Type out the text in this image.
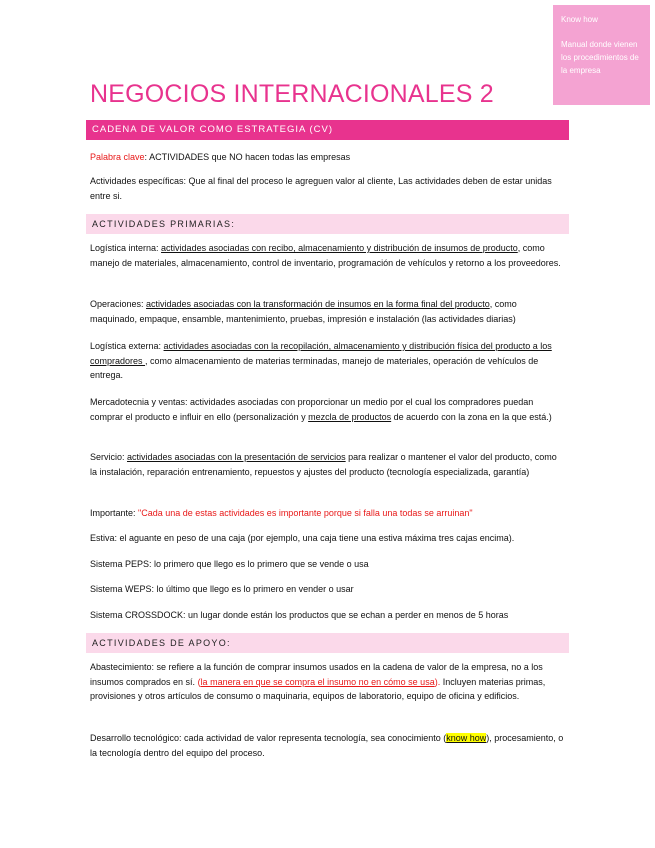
Know how

Manual donde vienen los procedimientos de la empresa

NEGOCIOS INTERNACIONALES 2
CADENA DE VALOR COMO ESTRATEGIA (CV)
Palabra clave: ACTIVIDADES que NO hacen todas las empresas
Actividades específicas: Que al final del proceso le agreguen valor al cliente, Las actividades deben de estar unidas entre si.
ACTIVIDADES PRIMARIAS:
Logística interna: actividades asociadas con recibo, almacenamiento y distribución de insumos de producto, como manejo de materiales, almacenamiento, control de inventario, programación de vehículos y retorno a los proveedores.
Operaciones: actividades asociadas con la transformación de insumos en la forma final del producto, como maquinado, empaque, ensamble, mantenimiento, pruebas, impresión e instalación (las actividades diarias)
Logística externa: actividades asociadas con la recopilación, almacenamiento y distribución física del producto a los compradores , como almacenamiento de materias terminadas, manejo de materiales, operación de vehículos de entrega.
Mercadotecnia y ventas: actividades asociadas con proporcionar un medio por el cual los compradores puedan comprar el producto e influir en ello (personalización y mezcla de productos de acuerdo con la zona en la que está.)
Servicio: actividades asociadas con la presentación de servicios para realizar o mantener el valor del producto, como la instalación, reparación entrenamiento, repuestos y ajustes del producto (tecnología especializada, garantía)
Importante: "Cada una de estas actividades es importante porque si falla una todas se arruinan"
Estiva: el aguante en peso de una caja (por ejemplo, una caja tiene una estiva máxima tres cajas encima).
Sistema PEPS: lo primero que llego es lo primero que se vende o usa
Sistema WEPS: lo último que llego es lo primero en vender o usar
Sistema CROSSDOCK: un lugar donde están los productos que se echan a perder en menos de 5 horas
ACTIVIDADES DE APOYO:
Abastecimiento: se refiere a la función de comprar insumos usados en la cadena de valor de la empresa, no a los insumos comprados en sí. (la manera en que se compra el insumo no en cómo se usa). Incluyen materias primas, provisiones y otros artículos de consumo o maquinaria, equipos de laboratorio, equipo de oficina y edificios.
Desarrollo tecnológico: cada actividad de valor representa tecnología, sea conocimiento (know how), procesamiento, o la tecnología dentro del equipo del proceso.
